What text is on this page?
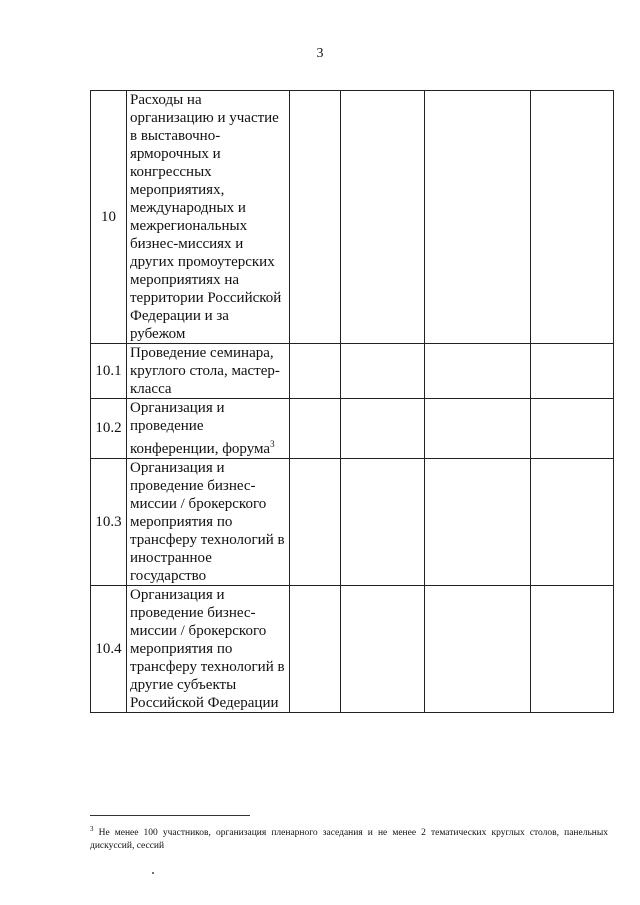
3
10	Расходы на организацию и участие в выставочно-ярморочных и конгрессных мероприятиях, международных и межрегиональных бизнес-миссиях и других промоутерских мероприятиях на территории Российской Федерации и за рубежом				

10.1	Проведение семинара, круглого стола, мастер-класса				

10.2	Организация и проведение конференции, форума$^3$

10.3	Организация и проведение бизнес-миссии / брокерского мероприятия по трансферу технологий в иностранное государство				

10.4	Организация и проведение бизнес-миссии / брокерского мероприятия по трансферу технологий в другие субъекты Российской Федерации				

$^3$ Не менее 100 участников, организация пленарного заседания и не менее 2 тематических круглых столов, панельных дискуссий, сессий
